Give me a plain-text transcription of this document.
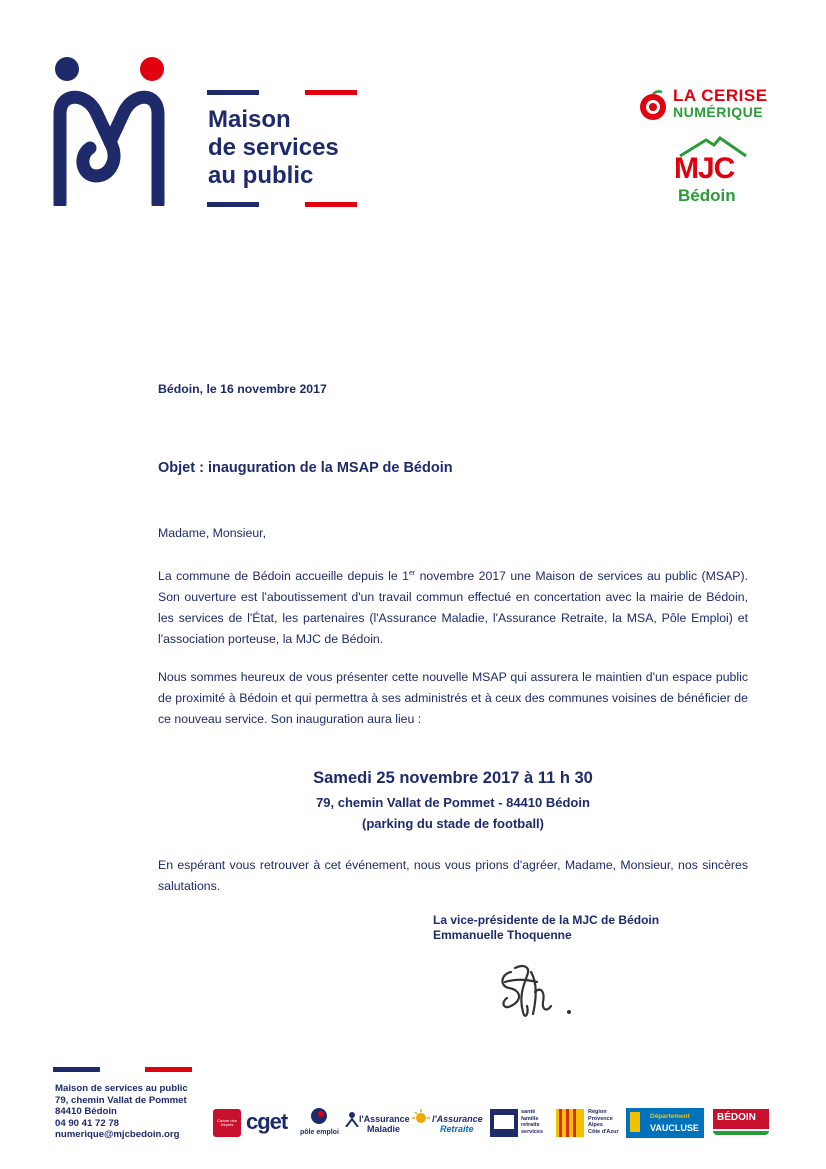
Maison
de services
au public
LA CERISE
NUMÉRIQUE
MJC
Bédoin
Bédoin, le 16 novembre 2017
Objet : inauguration de la MSAP de Bédoin
Madame, Monsieur,
La commune de Bédoin accueille depuis le 1er novembre 2017 une Maison de services au public (MSAP). Son ouverture est l'aboutissement d'un travail commun effectué en concertation avec la mairie de Bédoin, les services de l'État, les partenaires (l'Assurance Maladie, l'Assurance Retraite, la MSA, Pôle Emploi) et l'association porteuse, la MJC de Bédoin.
Nous sommes heureux de vous présenter cette nouvelle MSAP qui assurera le maintien d'un espace public de proximité à Bédoin et qui permettra à ses administrés et à ceux des communes voisines de bénéficier de ce nouveau service. Son inauguration aura lieu :
Samedi 25 novembre 2017 à 11 h 30
79, chemin Vallat de Pommet - 84410 Bédoin
(parking du stade de football)
En espérant vous retrouver à cet événement, nous vous prions d'agréer, Madame, Monsieur, nos sincères salutations.
La vice-présidente de la MJC de Bédoin
Emmanuelle Thoquenne
Maison de services au public
79, chemin Vallat de Pommet
84410 Bédoin
04 90 41 72 78
numerique@mjcbedoin.org
Caisse des Dépôts cget pôle emploi
l'Assurance
Maladie
l'Assurance
Retraite
santé
famille
retraite
services
Région
Provence
Alpes
Côte d'Azur
Département
VAUCLUSE
BÉDOIN
